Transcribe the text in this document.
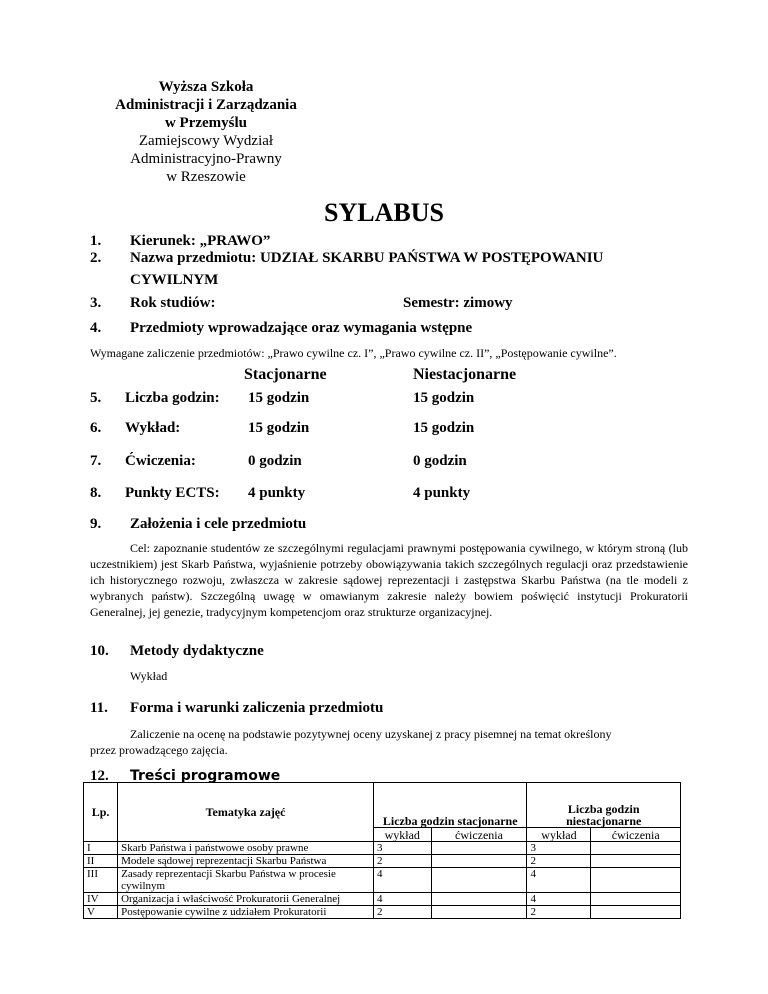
Wyższa Szkoła
Administracji i Zarządzania
w Przemyślu
Zamiejscowy Wydział
Administracyjno-Prawny
w Rzeszowie
SYLABUS
1. Kierunek: „PRAWO”
2. Nazwa przedmiotu: UDZIAŁ SKARBU PAŃSTWA W POSTĘPOWANIU
CYWILNYM
3. Rok studiów:	Semestr: zimowy
4. Przedmioty wprowadzające oraz wymagania wstępne
Wymagane zaliczenie przedmiotów: „Prawo cywilne cz. I”, „Prawo cywilne cz. II”, „Postępowanie cywilne”.
Stacjonarne	Niestacjonarne
5. Liczba godzin: 15 godzin	15 godzin
6. Wykład:	15 godzin	15 godzin
7. Ćwiczenia:	0 godzin	0 godzin
8. Punkty ECTS: 4 punkty	4 punkty
9. Założenia i cele przedmiotu
Cel: zapoznanie studentów ze szczególnymi regulacjami prawnymi postępowania cywilnego, w którym stroną (lub uczestnikiem) jest Skarb Państwa, wyjaśnienie potrzeby obowiązywania takich szczególnych regulacji oraz przedstawienie ich historycznego rozwoju, zwłaszcza w zakresie sądowej reprezentacji i zastępstwa Skarbu Państwa (na tle modeli z wybranych państw). Szczególną uwagę w omawianym zakresie należy bowiem poświęcić instytucji Prokuratorii Generalnej, jej genezie, tradycyjnym kompetencjom oraz strukturze organizacyjnej.
10. Metody dydaktyczne
Wykład
11. Forma i warunki zaliczenia przedmiotu
Zaliczenie na ocenę na podstawie pozytywnej oceny uzyskanej z pracy pisemnej na temat określony
przez prowadzącego zajęcia.
12. Treści programowe
Lp.	Tematyka zajęć	Liczba godzin stacjonarne		Liczba godzin niestacjonarne	
		wykład	ćwiczenia	wykład	ćwiczenia
I	Skarb Państwa i państwowe osoby prawne	3		3	
II	Modele sądowej reprezentacji Skarbu Państwa	2		2	
III	Zasady reprezentacji Skarbu Państwa w procesie cywilnym	4		4	
IV	Organizacja i właściwość Prokuratorii Generalnej	4		4	
V	Postępowanie cywilne z udziałem Prokuratorii	2		2	
